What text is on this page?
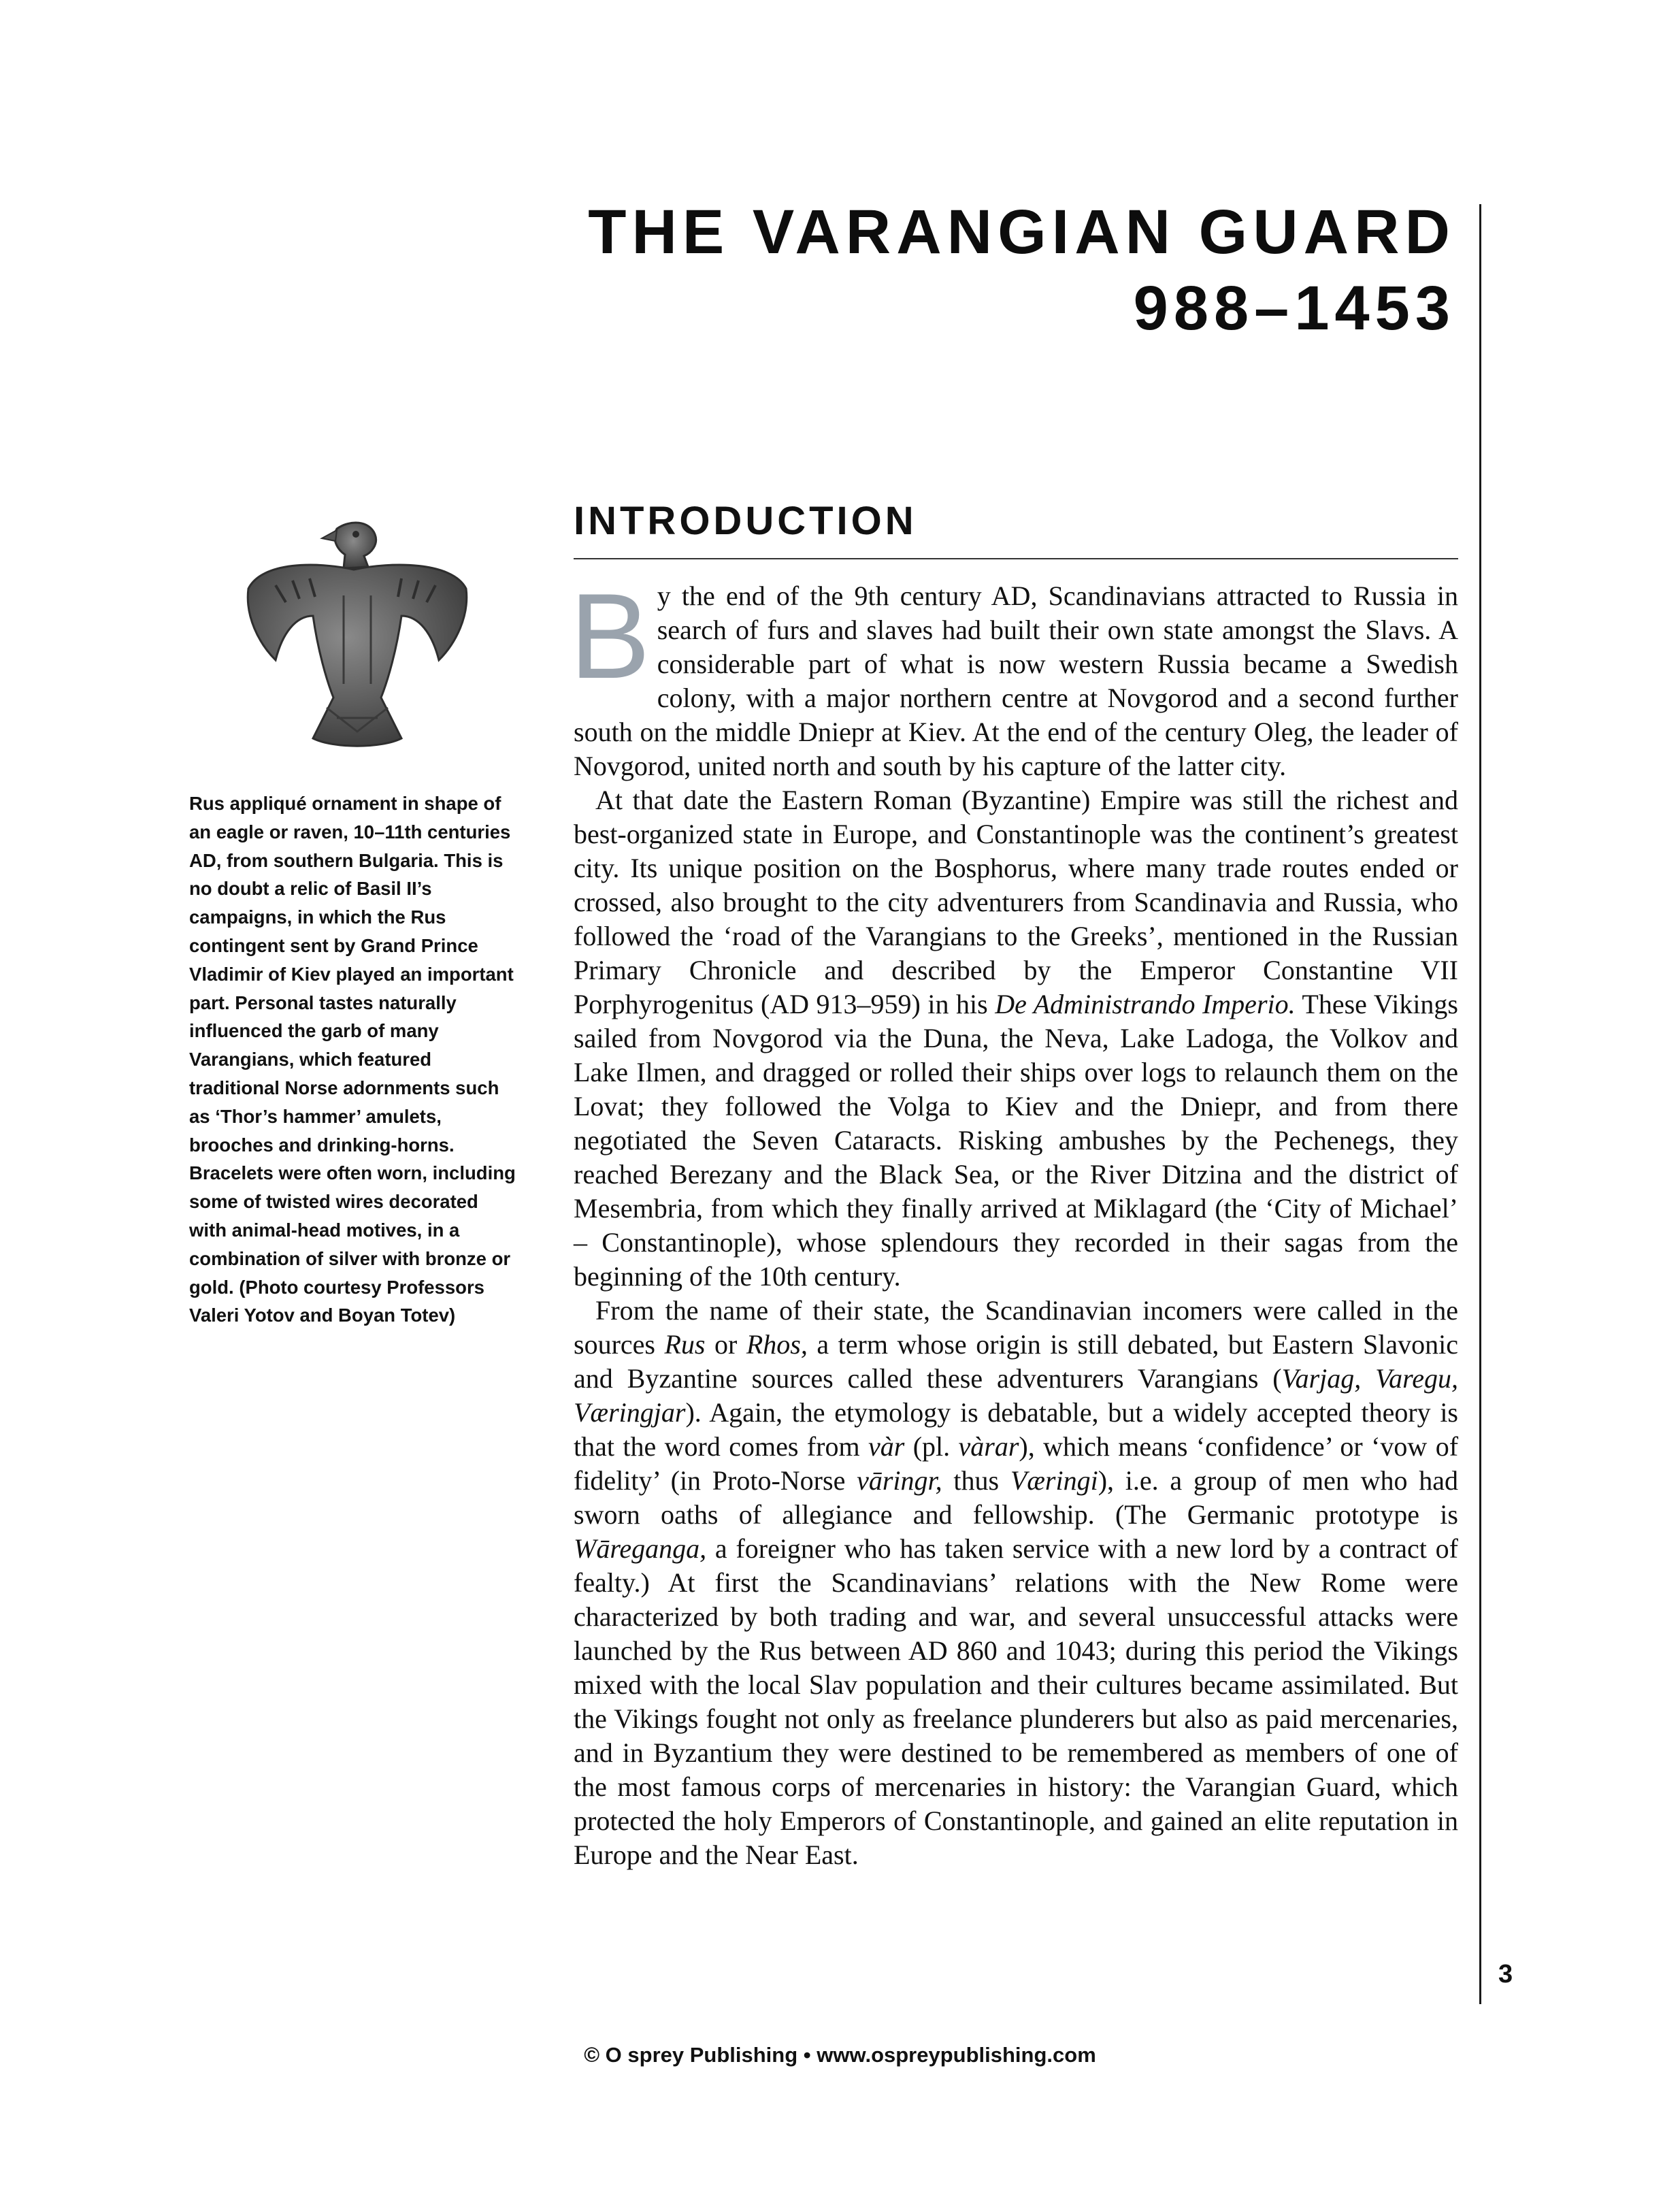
THE VARANGIAN GUARD
988–1453
INTRODUCTION
Rus appliqué ornament in shape of an eagle or raven, 10–11th centuries AD, from southern Bulgaria. This is no doubt a relic of Basil II’s campaigns, in which the Rus contingent sent by Grand Prince Vladimir of Kiev played an important part. Personal tastes naturally influenced the garb of many Varangians, which featured traditional Norse adornments such as ‘Thor’s hammer’ amulets, brooches and drinking-horns. Bracelets were often worn, including some of twisted wires decorated with animal-head motives, in a combination of silver with bronze or gold. (Photo courtesy Professors Valeri Yotov and Boyan Totev)

By the end of the 9th century AD, Scandinavians attracted to Russia in search of furs and slaves had built their own state amongst the Slavs. A considerable part of what is now western Russia became a Swedish colony, with a major northern centre at Novgorod and a second further south on the middle Dniepr at Kiev. At the end of the century Oleg, the leader of Novgorod, united north and south by his capture of the latter city.

At that date the Eastern Roman (Byzantine) Empire was still the richest and best-organized state in Europe, and Constantinople was the continent’s greatest city. Its unique position on the Bosphorus, where many trade routes ended or crossed, also brought to the city adventurers from Scandinavia and Russia, who followed the ‘road of the Varangians to the Greeks’, mentioned in the Russian Primary Chronicle and described by the Emperor Constantine VII Porphyrogenitus (AD 913–959) in his De Administrando Imperio. These Vikings sailed from Novgorod via the Duna, the Neva, Lake Ladoga, the Volkov and Lake Ilmen, and dragged or rolled their ships over logs to relaunch them on the Lovat; they followed the Volga to Kiev and the Dniepr, and from there negotiated the Seven Cataracts. Risking ambushes by the Pechenegs, they reached Berezany and the Black Sea, or the River Ditzina and the district of Mesembria, from which they finally arrived at Miklagard (the ‘City of Michael’ – Constantinople), whose splendours they recorded in their sagas from the beginning of the 10th century.

From the name of their state, the Scandinavian incomers were called in the sources Rus or Rhos, a term whose origin is still debated, but Eastern Slavonic and Byzantine sources called these adventurers Varangians (Varjag, Varegu, Væringjar). Again, the etymology is debatable, but a widely accepted theory is that the word comes from vàr (pl. vàrar), which means ‘confidence’ or ‘vow of fidelity’ (in Proto-Norse vāringr, thus Væringi), i.e. a group of men who had sworn oaths of allegiance and fellowship. (The Germanic prototype is Wāreganga, a foreigner who has taken service with a new lord by a contract of fealty.) At first the Scandinavians’ relations with the New Rome were characterized by both trading and war, and several unsuccessful attacks were launched by the Rus between AD 860 and 1043; during this period the Vikings mixed with the local Slav population and their cultures became assimilated. But the Vikings fought not only as freelance plunderers but also as paid mercenaries, and in Byzantium they were destined to be remembered as members of one of the most famous corps of mercenaries in history: the Varangian Guard, which protected the holy Emperors of Constantinople, and gained an elite reputation in Europe and the Near East.

3
© O sprey Publishing • www.ospreypublishing.com
